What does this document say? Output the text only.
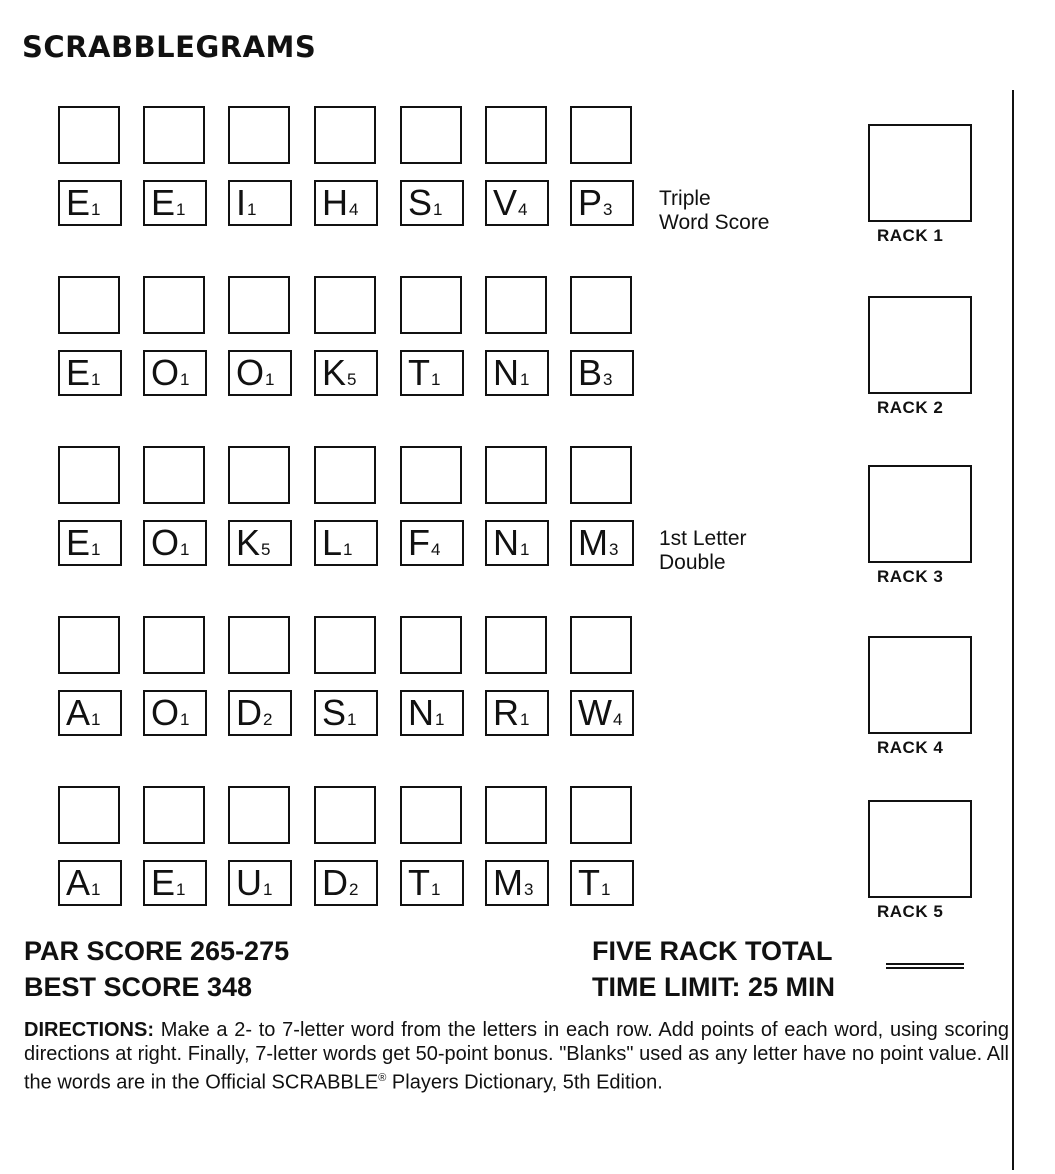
SCRABBLEGRAMS
E1	E1	I1	H4	S1	V4	P3	Triple
Word Score
RACK 1
E1	O1	O1	K5	T1	N1	B3
RACK 2
E1	O1	K5	L1	F4	N1	M3	1st Letter
Double
RACK 3
A1	O1	D2	S1	N1	R1	W4
RACK 4
A1	E1	U1	D2	T1	M3	T1
RACK 5
PAR SCORE 265-275
BEST SCORE 348
FIVE RACK TOTAL
TIME LIMIT: 25 MIN
DIRECTIONS: Make a 2- to 7-letter word from the letters in each row. Add points of each word, using scoring directions at right. Finally, 7-letter words get 50-point bonus. "Blanks" used as any letter have no point value. All the words are in the Official SCRABBLE® Players Dictionary, 5th Edition.
